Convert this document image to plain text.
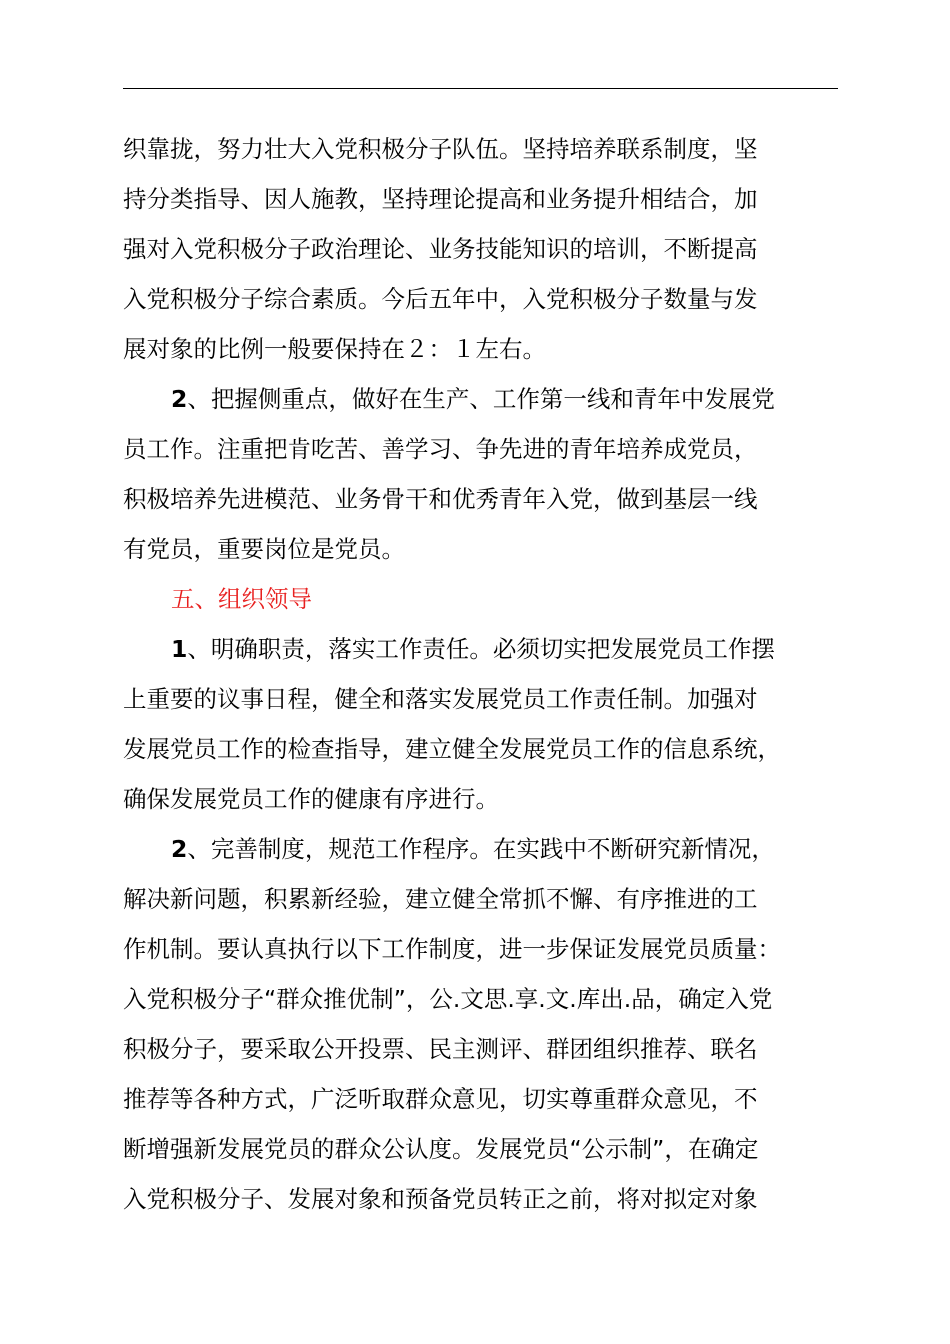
织靠拢，努力壮大入党积极分子队伍。坚持培养联系制度，坚
持分类指导、因人施教，坚持理论提高和业务提升相结合，加
强对入党积极分子政治理论、业务技能知识的培训，不断提高
入党积极分子综合素质。今后五年中，入党积极分子数量与发
展对象的比例一般要保持在２：１左右。
2、把握侧重点，做好在生产、工作第一线和青年中发展党
员工作。注重把肯吃苦、善学习、争先进的青年培养成党员，
积极培养先进模范、业务骨干和优秀青年入党，做到基层一线
有党员，重要岗位是党员。
五、组织领导
1、明确职责，落实工作责任。必须切实把发展党员工作摆
上重要的议事日程，健全和落实发展党员工作责任制。加强对
发展党员工作的检查指导，建立健全发展党员工作的信息系统，
确保发展党员工作的健康有序进行。
2、完善制度，规范工作程序。在实践中不断研究新情况，
解决新问题，积累新经验，建立健全常抓不懈、有序推进的工
作机制。要认真执行以下工作制度，进一步保证发展党员质量：
入党积极分子“群众推优制”，公.文思.享.文.库出.品，确定入党
积极分子，要采取公开投票、民主测评、群团组织推荐、联名
推荐等各种方式，广泛听取群众意见，切实尊重群众意见，不
断增强新发展党员的群众公认度。发展党员“公示制”，在确定
入党积极分子、发展对象和预备党员转正之前，将对拟定对象
